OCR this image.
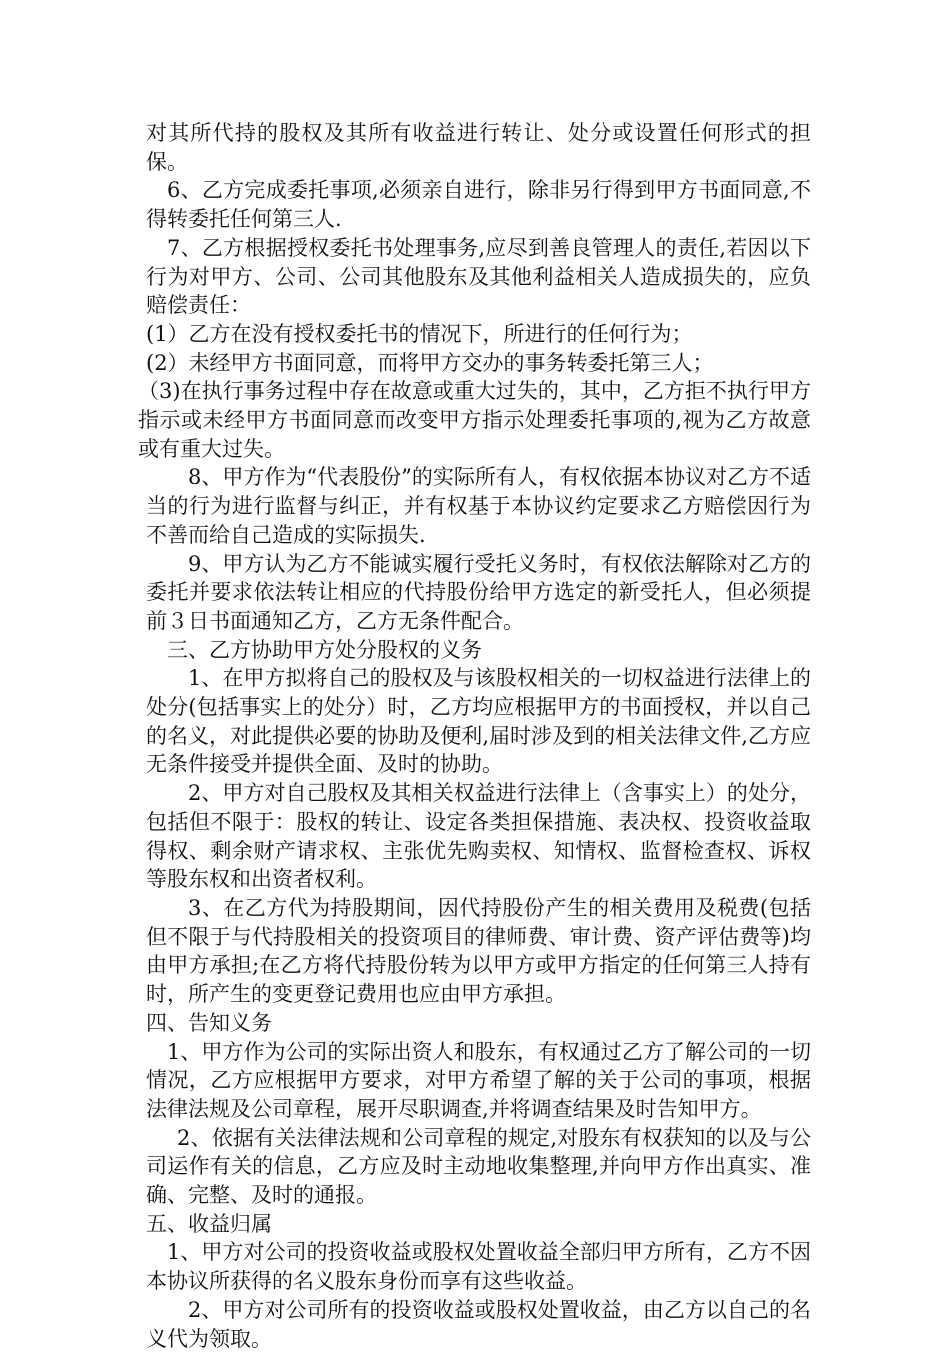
对其所代持的股权及其所有收益进行转让、处分或设置任何形式的担保。

6、乙方完成委托事项,必须亲自进行，除非另行得到甲方书面同意,不得转委托任何第三人.

7、乙方根据授权委托书处理事务,应尽到善良管理人的责任,若因以下行为对甲方、公司、公司其他股东及其他利益相关人造成损失的，应负赔偿责任：

(1）乙方在没有授权委托书的情况下，所进行的任何行为；

(2）未经甲方书面同意，而将甲方交办的事务转委托第三人；

（3)在执行事务过程中存在故意或重大过失的，其中，乙方拒不执行甲方指示或未经甲方书面同意而改变甲方指示处理委托事项的,视为乙方故意或有重大过失。

8、甲方作为“代表股份”的实际所有人，有权依据本协议对乙方不适当的行为进行监督与纠正，并有权基于本协议约定要求乙方赔偿因行为不善而给自己造成的实际损失.

9、甲方认为乙方不能诚实履行受托义务时，有权依法解除对乙方的委托并要求依法转让相应的代持股份给甲方选定的新受托人，但必须提前３日书面通知乙方，乙方无条件配合。

三、乙方协助甲方处分股权的义务

1、在甲方拟将自己的股权及与该股权相关的一切权益进行法律上的处分(包括事实上的处分）时，乙方均应根据甲方的书面授权，并以自己的名义，对此提供必要的协助及便利,届时涉及到的相关法律文件,乙方应无条件接受并提供全面、及时的协助。

2、甲方对自己股权及其相关权益进行法律上（含事实上）的处分，包括但不限于：股权的转让、设定各类担保措施、表决权、投资收益取得权、剩余财产请求权、主张优先购卖权、知情权、监督检查权、诉权等股东权和出资者权利。

3、在乙方代为持股期间，因代持股份产生的相关费用及税费(包括但不限于与代持股相关的投资项目的律师费、审计费、资产评估费等)均由甲方承担;在乙方将代持股份转为以甲方或甲方指定的任何第三人持有时，所产生的变更登记费用也应由甲方承担。

四、告知义务

1、甲方作为公司的实际出资人和股东，有权通过乙方了解公司的一切情况，乙方应根据甲方要求，对甲方希望了解的关于公司的事项，根据法律法规及公司章程，展开尽职调查,并将调查结果及时告知甲方。

2、依据有关法律法规和公司章程的规定,对股东有权获知的以及与公司运作有关的信息，乙方应及时主动地收集整理,并向甲方作出真实、准确、完整、及时的通报。

五、收益归属

1、甲方对公司的投资收益或股权处置收益全部归甲方所有，乙方不因本协议所获得的名义股东身份而享有这些收益。

2、甲方对公司所有的投资收益或股权处置收益，由乙方以自己的名义代为领取。
